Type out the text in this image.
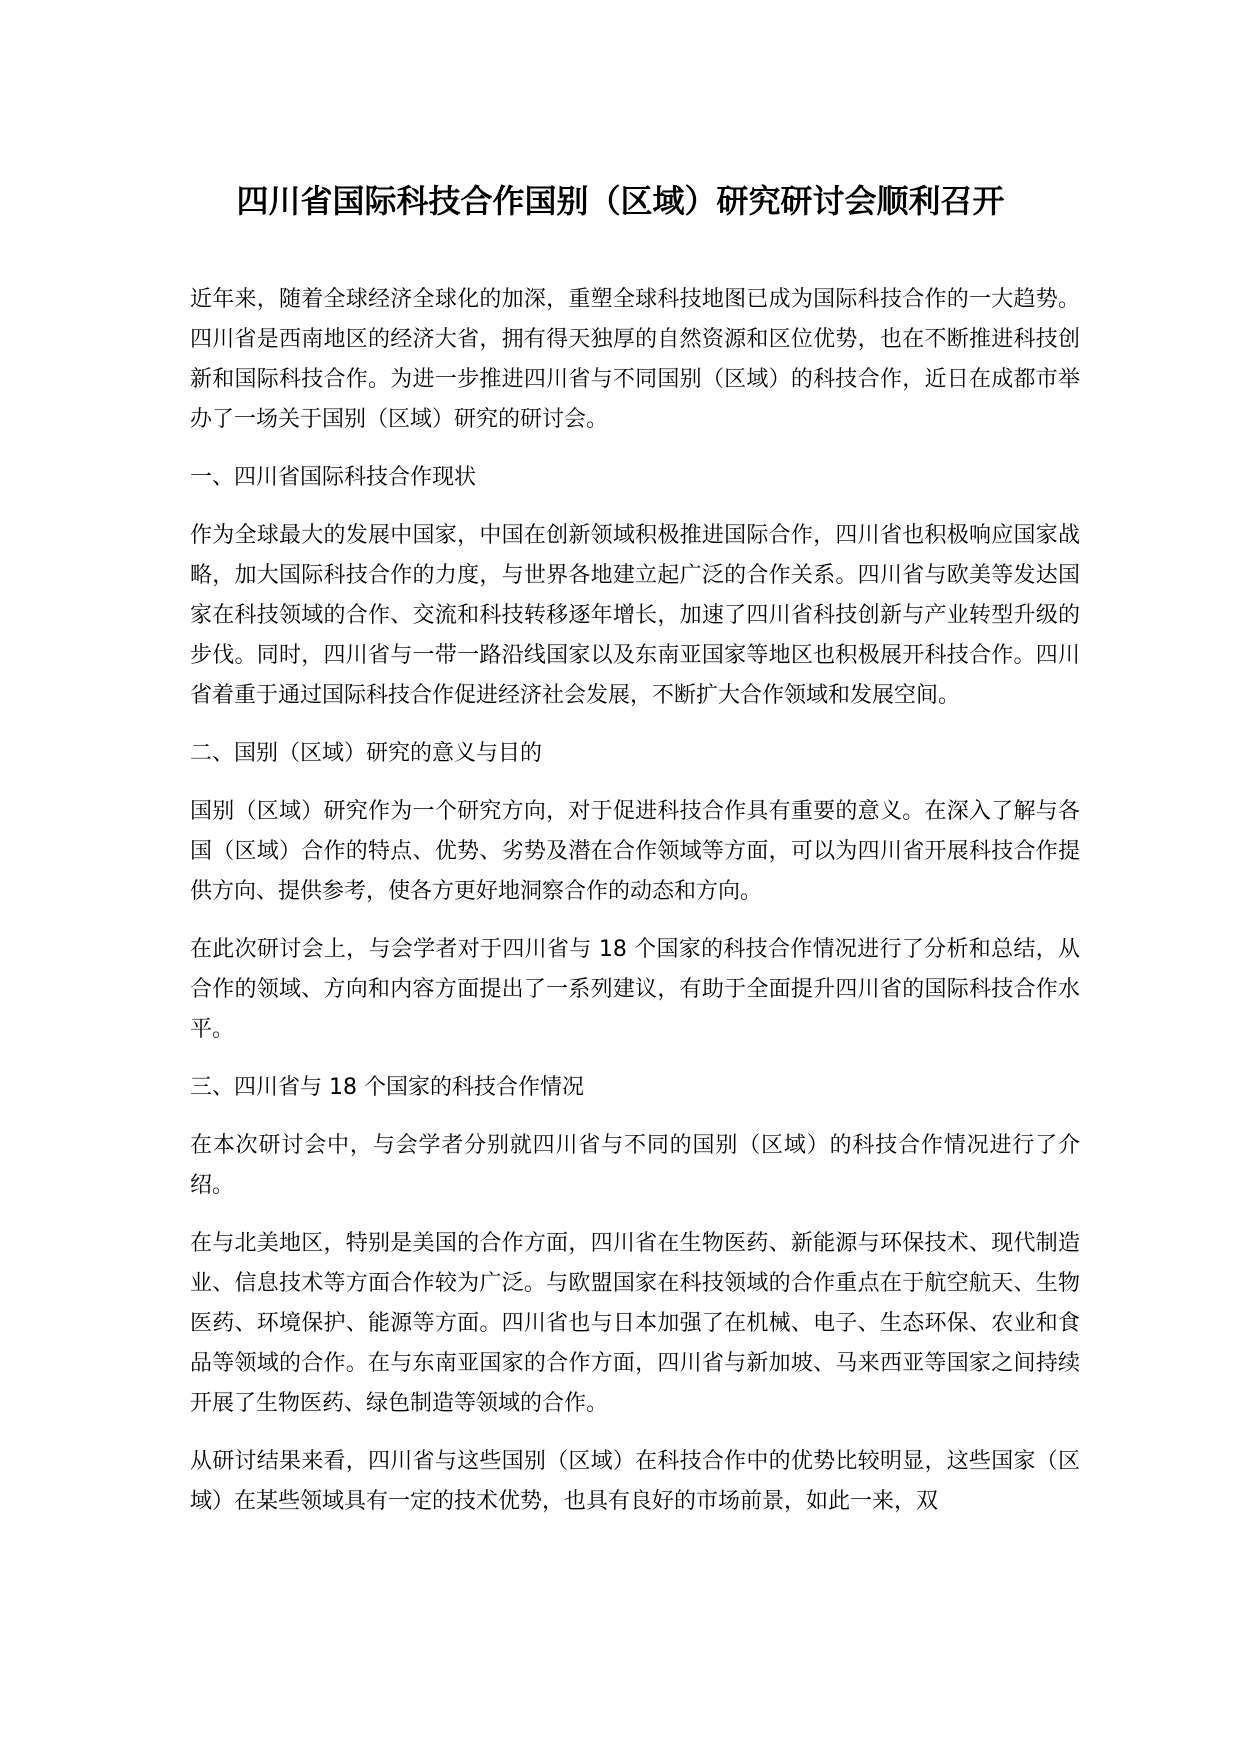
四川省国际科技合作国别（区域）研究研讨会顺利召开

近年来，随着全球经济全球化的加深，重塑全球科技地图已成为国际科技合作的一大趋势。四川省是西南地区的经济大省，拥有得天独厚的自然资源和区位优势，也在不断推进科技创新和国际科技合作。为进一步推进四川省与不同国别（区域）的科技合作，近日在成都市举办了一场关于国别（区域）研究的研讨会。

一、四川省国际科技合作现状

作为全球最大的发展中国家，中国在创新领域积极推进国际合作，四川省也积极响应国家战略，加大国际科技合作的力度，与世界各地建立起广泛的合作关系。四川省与欧美等发达国家在科技领域的合作、交流和科技转移逐年增长，加速了四川省科技创新与产业转型升级的步伐。同时，四川省与一带一路沿线国家以及东南亚国家等地区也积极展开科技合作。四川省着重于通过国际科技合作促进经济社会发展，不断扩大合作领域和发展空间。

二、国别（区域）研究的意义与目的

国别（区域）研究作为一个研究方向，对于促进科技合作具有重要的意义。在深入了解与各国（区域）合作的特点、优势、劣势及潜在合作领域等方面，可以为四川省开展科技合作提供方向、提供参考，使各方更好地洞察合作的动态和方向。

在此次研讨会上，与会学者对于四川省与 18 个国家的科技合作情况进行了分析和总结，从合作的领域、方向和内容方面提出了一系列建议，有助于全面提升四川省的国际科技合作水平。

三、四川省与 18 个国家的科技合作情况

在本次研讨会中，与会学者分别就四川省与不同的国别（区域）的科技合作情况进行了介绍。

在与北美地区，特别是美国的合作方面，四川省在生物医药、新能源与环保技术、现代制造业、信息技术等方面合作较为广泛。与欧盟国家在科技领域的合作重点在于航空航天、生物医药、环境保护、能源等方面。四川省也与日本加强了在机械、电子、生态环保、农业和食品等领域的合作。在与东南亚国家的合作方面，四川省与新加坡、马来西亚等国家之间持续开展了生物医药、绿色制造等领域的合作。

从研讨结果来看，四川省与这些国别（区域）在科技合作中的优势比较明显，这些国家（区域）在某些领域具有一定的技术优势，也具有良好的市场前景，如此一来，双
